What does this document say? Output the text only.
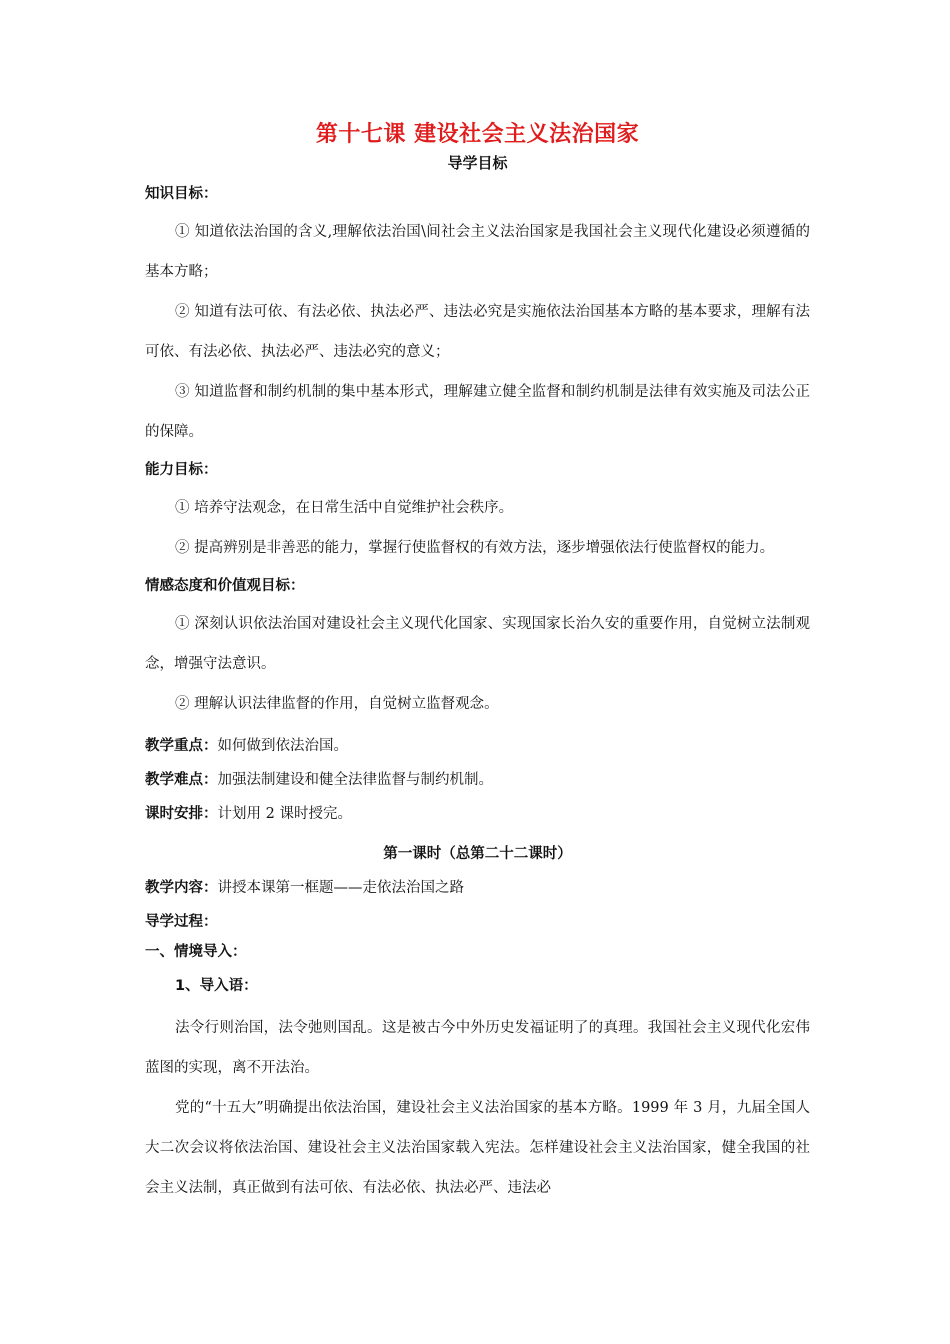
第十七课 建设社会主义法治国家
导学目标
知识目标：

① 知道依法治国的含义,理解依法治国\间社会主义法治国家是我国社会主义现代化建设必须遵循的基本方略；

② 知道有法可依、有法必依、执法必严、违法必究是实施依法治国基本方略的基本要求，理解有法可依、有法必依、执法必严、违法必究的意义；

③ 知道监督和制约机制的集中基本形式，理解建立健全监督和制约机制是法律有效实施及司法公正的保障。

能力目标：

① 培养守法观念，在日常生活中自觉维护社会秩序。

② 提高辨别是非善恶的能力，掌握行使监督权的有效方法，逐步增强依法行使监督权的能力。

情感态度和价值观目标：

① 深刻认识依法治国对建设社会主义现代化国家、实现国家长治久安的重要作用，自觉树立法制观念，增强守法意识。

② 理解认识法律监督的作用，自觉树立监督观念。

教学重点：如何做到依法治国。
教学难点：加强法制建设和健全法律监督与制约机制。
课时安排：计划用 2 课时授完。
第一课时（总第二十二课时）
教学内容：讲授本课第一框题——走依法治国之路
导学过程：
一、情境导入：
1、导入语：

法令行则治国，法令弛则国乱。这是被古今中外历史发福证明了的真理。我国社会主义现代化宏伟蓝图的实现，离不开法治。

党的“十五大”明确提出依法治国，建设社会主义法治国家的基本方略。1999 年 3 月，九届全国人大二次会议将依法治国、建设社会主义法治国家载入宪法。怎样建设社会主义法治国家，健全我国的社会主义法制，真正做到有法可依、有法必依、执法必严、违法必
